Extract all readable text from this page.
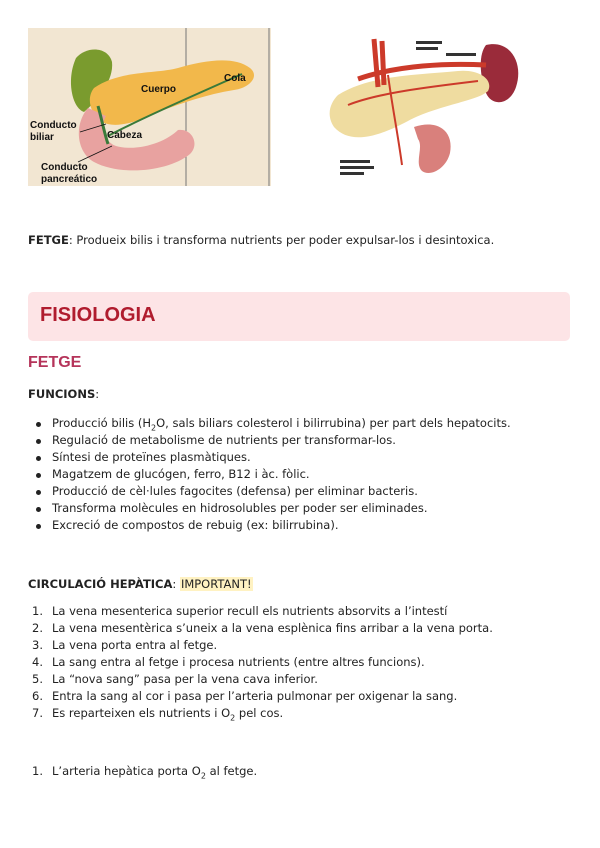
Cuerpo
Cola
Conducto
biliar	Cabeza
Conducto
pancreático
FETGE: Produeix bilis i transforma nutrients per poder expulsar-los i desintoxica.
FISIOLOGIA
FETGE
FUNCIONS:
Producció bilis ($H_2O$, sals biliars colesterol i bilirrubina) per part dels hepatocits.
Regulació de metabolisme de nutrients per transformar-los.
Síntesi de proteïnes plasmàtiques.
Magatzem de glucógen, ferro, B12 i àc. fòlic.
Producció de cèl·lules fagocites (defensa) per eliminar bacteris.
Transforma molècules en hidrosolubles per poder ser eliminades.
Excreció de compostos de rebuig (ex: bilirrubina).
CIRCULACIÓ HEPÀTICA: IMPORTANT!
1. La vena mesenterica superior recull els nutrients absorvits a l’intestí
2. La vena mesentèrica s’uneix a la vena esplènica fins arribar a la vena porta.
3. La vena porta entra al fetge.
4. La sang entra al fetge i procesa nutrients (entre altres funcions).
5. La “nova sang” pasa per la vena cava inferior.
6. Entra la sang al cor i pasa per l’arteria pulmonar per oxigenar la sang.
7. Es reparteixen els nutrients i $O_2$ pel cos.
1. L’arteria hepàtica porta $O_2$ al fetge.
